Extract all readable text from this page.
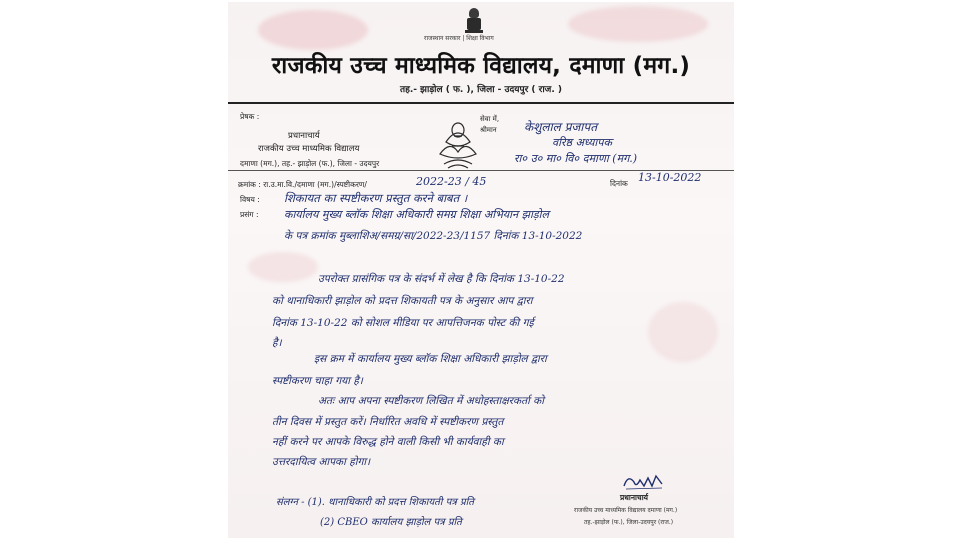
राजस्थान सरकार | शिक्षा विभाग
राजकीय उच्च माध्यमिक विद्यालय, दमाणा (मग.)
तह.- झाड़ोल ( फ. ), जिला - उदयपुर ( राज. )
प्रेषक :
प्रधानाचार्य
राजकीय उच्च माध्यमिक विद्यालय
दमाणा (मग.), तह.- झाड़ोल (फ.), जिला - उदयपुर
सेवा में,
श्रीमान केशुलाल प्रजापत
वरिष्ठ अध्यापक
रा० उ० मा० वि० दमाणा (मग.)
क्रमांक : रा.उ.मा.वि./दमाणा (मग.)/स्पष्टीकरण/	2022-23 / 45	दिनांक 13-10-2022
विषय : शिकायत का स्पष्टीकरण प्रस्तुत करने बाबत ।
प्रसंग : कार्यालय मुख्य ब्लॉक शिक्षा अधिकारी समग्र शिक्षा अभियान झाड़ोल
के पत्र क्रमांक मुब्लाशिअ/समग्र/सा/2022-23/1157 दिनांक 13-10-2022
उपरोक्त प्रासंगिक पत्र के संदर्भ में लेख है कि दिनांक 13-10-22
को थानाधिकारी झाड़ोल को प्रदत्त शिकायती पत्र के अनुसार आप द्वारा
दिनांक 13-10-22 को सोशल मीडिया पर आपत्तिजनक पोस्ट की गई
है।
इस क्रम में कार्यालय मुख्य ब्लॉक शिक्षा अधिकारी झाड़ोल द्वारा
स्पष्टीकरण चाहा गया है।
अतः आप अपना स्पष्टीकरण लिखित में अधोहस्ताक्षरकर्ता को
तीन दिवस में प्रस्तुत करें। निर्धारित अवधि में स्पष्टीकरण प्रस्तुत
नहीं करने पर आपके विरुद्ध होने वाली किसी भी कार्यवाही का
उत्तरदायित्व आपका होगा।
संलग्न - (1). थानाधिकारी को प्रदत्त शिकायती पत्र प्रति
(2) CBEO कार्यालय झाड़ोल पत्र प्रति
प्रधानाचार्य
राजकीय उच्च माध्यमिक विद्यालय दमाणा (मग.)
तह.-झाड़ोल (फ.), जिला-उदयपुर (राज.)
